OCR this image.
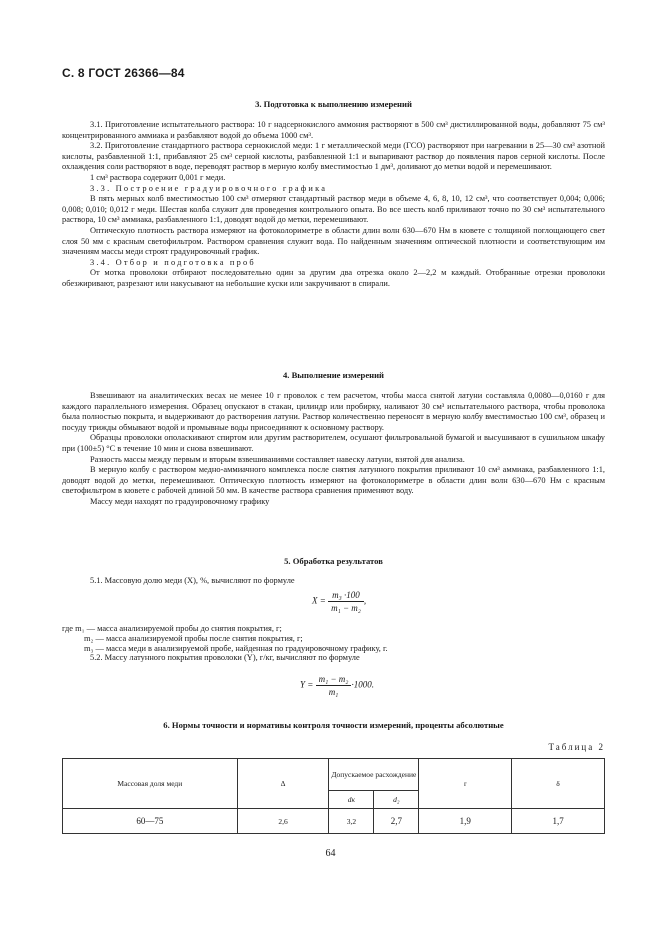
С. 8 ГОСТ 26366—84
3. Подготовка к выполнению измерений

3.1. Приготовление испытательного раствора: 10 г надсернокислого аммония растворяют в 500 см³ дистиллированной воды, добавляют 75 см³ концентрированного аммиака и разбавляют водой до объема 1000 см³.

3.2. Приготовление стандартного раствора сернокислой меди: 1 г металлической меди (ГСО) растворяют при нагревании в 25—30 см³ азотной кислоты, разбавленной 1:1, прибавляют 25 см³ серной кислоты, разбавленной 1:1 и выпаривают раствор до появления паров серной кислоты. После охлаждения соли растворяют в воде, переводят раствор в мерную колбу вместимостью 1 дм³, доливают до метки водой и перемешивают.

1 см³ раствора содержит 0,001 г меди.

3.3. Построение градуировочного графика

В пять мерных колб вместимостью 100 см³ отмеряют стандартный раствор меди в объеме 4, 6, 8, 10, 12 см³, что соответствует 0,004; 0,006; 0,008; 0,010; 0,012 г меди. Шестая колба служит для проведения контрольного опыта. Во все шесть колб приливают точно по 30 см³ испытательного раствора, 10 см³ аммиака, разбавленного 1:1, доводят водой до метки, перемешивают.

Оптическую плотность раствора измеряют на фотоколориметре в области длин волн 630—670 Нм в кювете с толщиной поглощающего свет слоя 50 мм с красным светофильтром. Раствором сравнения служит вода. По найденным значениям оптической плотности и соответствующим им значениям массы меди строят градуировочный график.

3.4. Отбор и подготовка проб

От мотка проволоки отбирают последовательно один за другим два отрезка около 2—2,2 м каждый. Отобранные отрезки проволоки обезжиривают, разрезают или накусывают на небольшие куски или закручивают в спирали.

4. Выполнение измерений

Взвешивают на аналитических весах не менее 10 г проволок с тем расчетом, чтобы масса снятой латуни составляла 0,0080—0,0160 г для каждого параллельного измерения. Образец опускают в стакан, цилиндр или пробирку, наливают 30 см³ испытательного раствора, чтобы проволока была полностью покрыта, и выдерживают до растворения латуни. Раствор количественно переносят в мерную колбу вместимостью 100 см³, образец и посуду трижды обмывают водой и промывные воды присоединяют к основному раствору.

Образцы проволоки ополаскивают спиртом или другим растворителем, осушают фильтровальной бумагой и высушивают в сушильном шкафу при (100±5) °С в течение 10 мин и снова взвешивают.

Разность массы между первым и вторым взвешиваниями составляет навеску латуни, взятой для анализа.

В мерную колбу с раствором медно-аммиачного комплекса после снятия латунного покрытия приливают 10 см³ аммиака, разбавленного 1:1, доводят водой до метки, перемешивают. Оптическую плотность измеряют на фотоколориметре в области длин волн 630—670 Нм с красным светофильтром в кювете с рабочей длиной 50 мм. В качестве раствора сравнения применяют воду.

Массу меди находят по градуировочному графику

5. Обработка результатов

5.1. Массовую долю меди (X), %, вычисляют по формуле

$X = \frac{\text{m₃ ·100}}{\text{m₁ − m₂}}$ ,
где m₁ — масса анализируемой пробы до снятия покрытия, г;
m₂ — масса анализируемой пробы после снятия покрытия, г;
m₃ — масса меди в анализируемой пробе, найденная по градуировочному графику, г.
5.2. Массу латунного покрытия проволоки (Y), г/кг, вычисляют по формуле
$Y = \frac{\text{m₁ − m₂}}{\text{m₁}} \cdot 1000$.
6. Нормы точности и нормативы контроля точности измерений, проценты абсолютные
Таблица 2
Массовая доля меди	Δ	Допускаемое расхождение		r	δ
		dк	d₂		
60—75	2,6	3,2	2,7	1,9	1,7
64
